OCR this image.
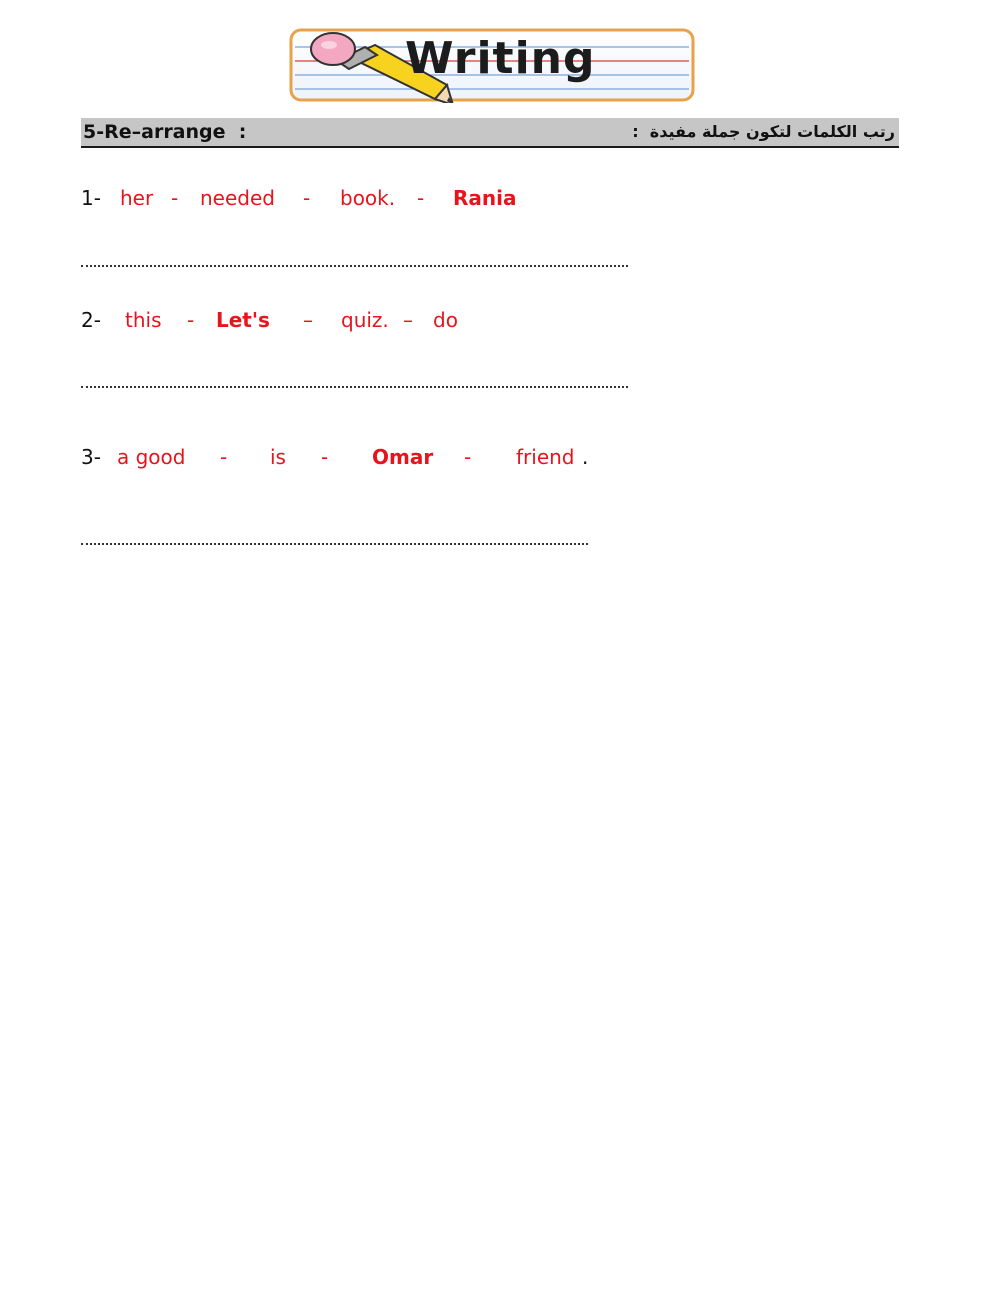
Writing
5-Re–arrange  :	رتب الكلمات لتكون جملة مفيدة  :
1- her - needed - book. - Rania
2- this - Let's – quiz. – do
3- a good - is - Omar - friend .
